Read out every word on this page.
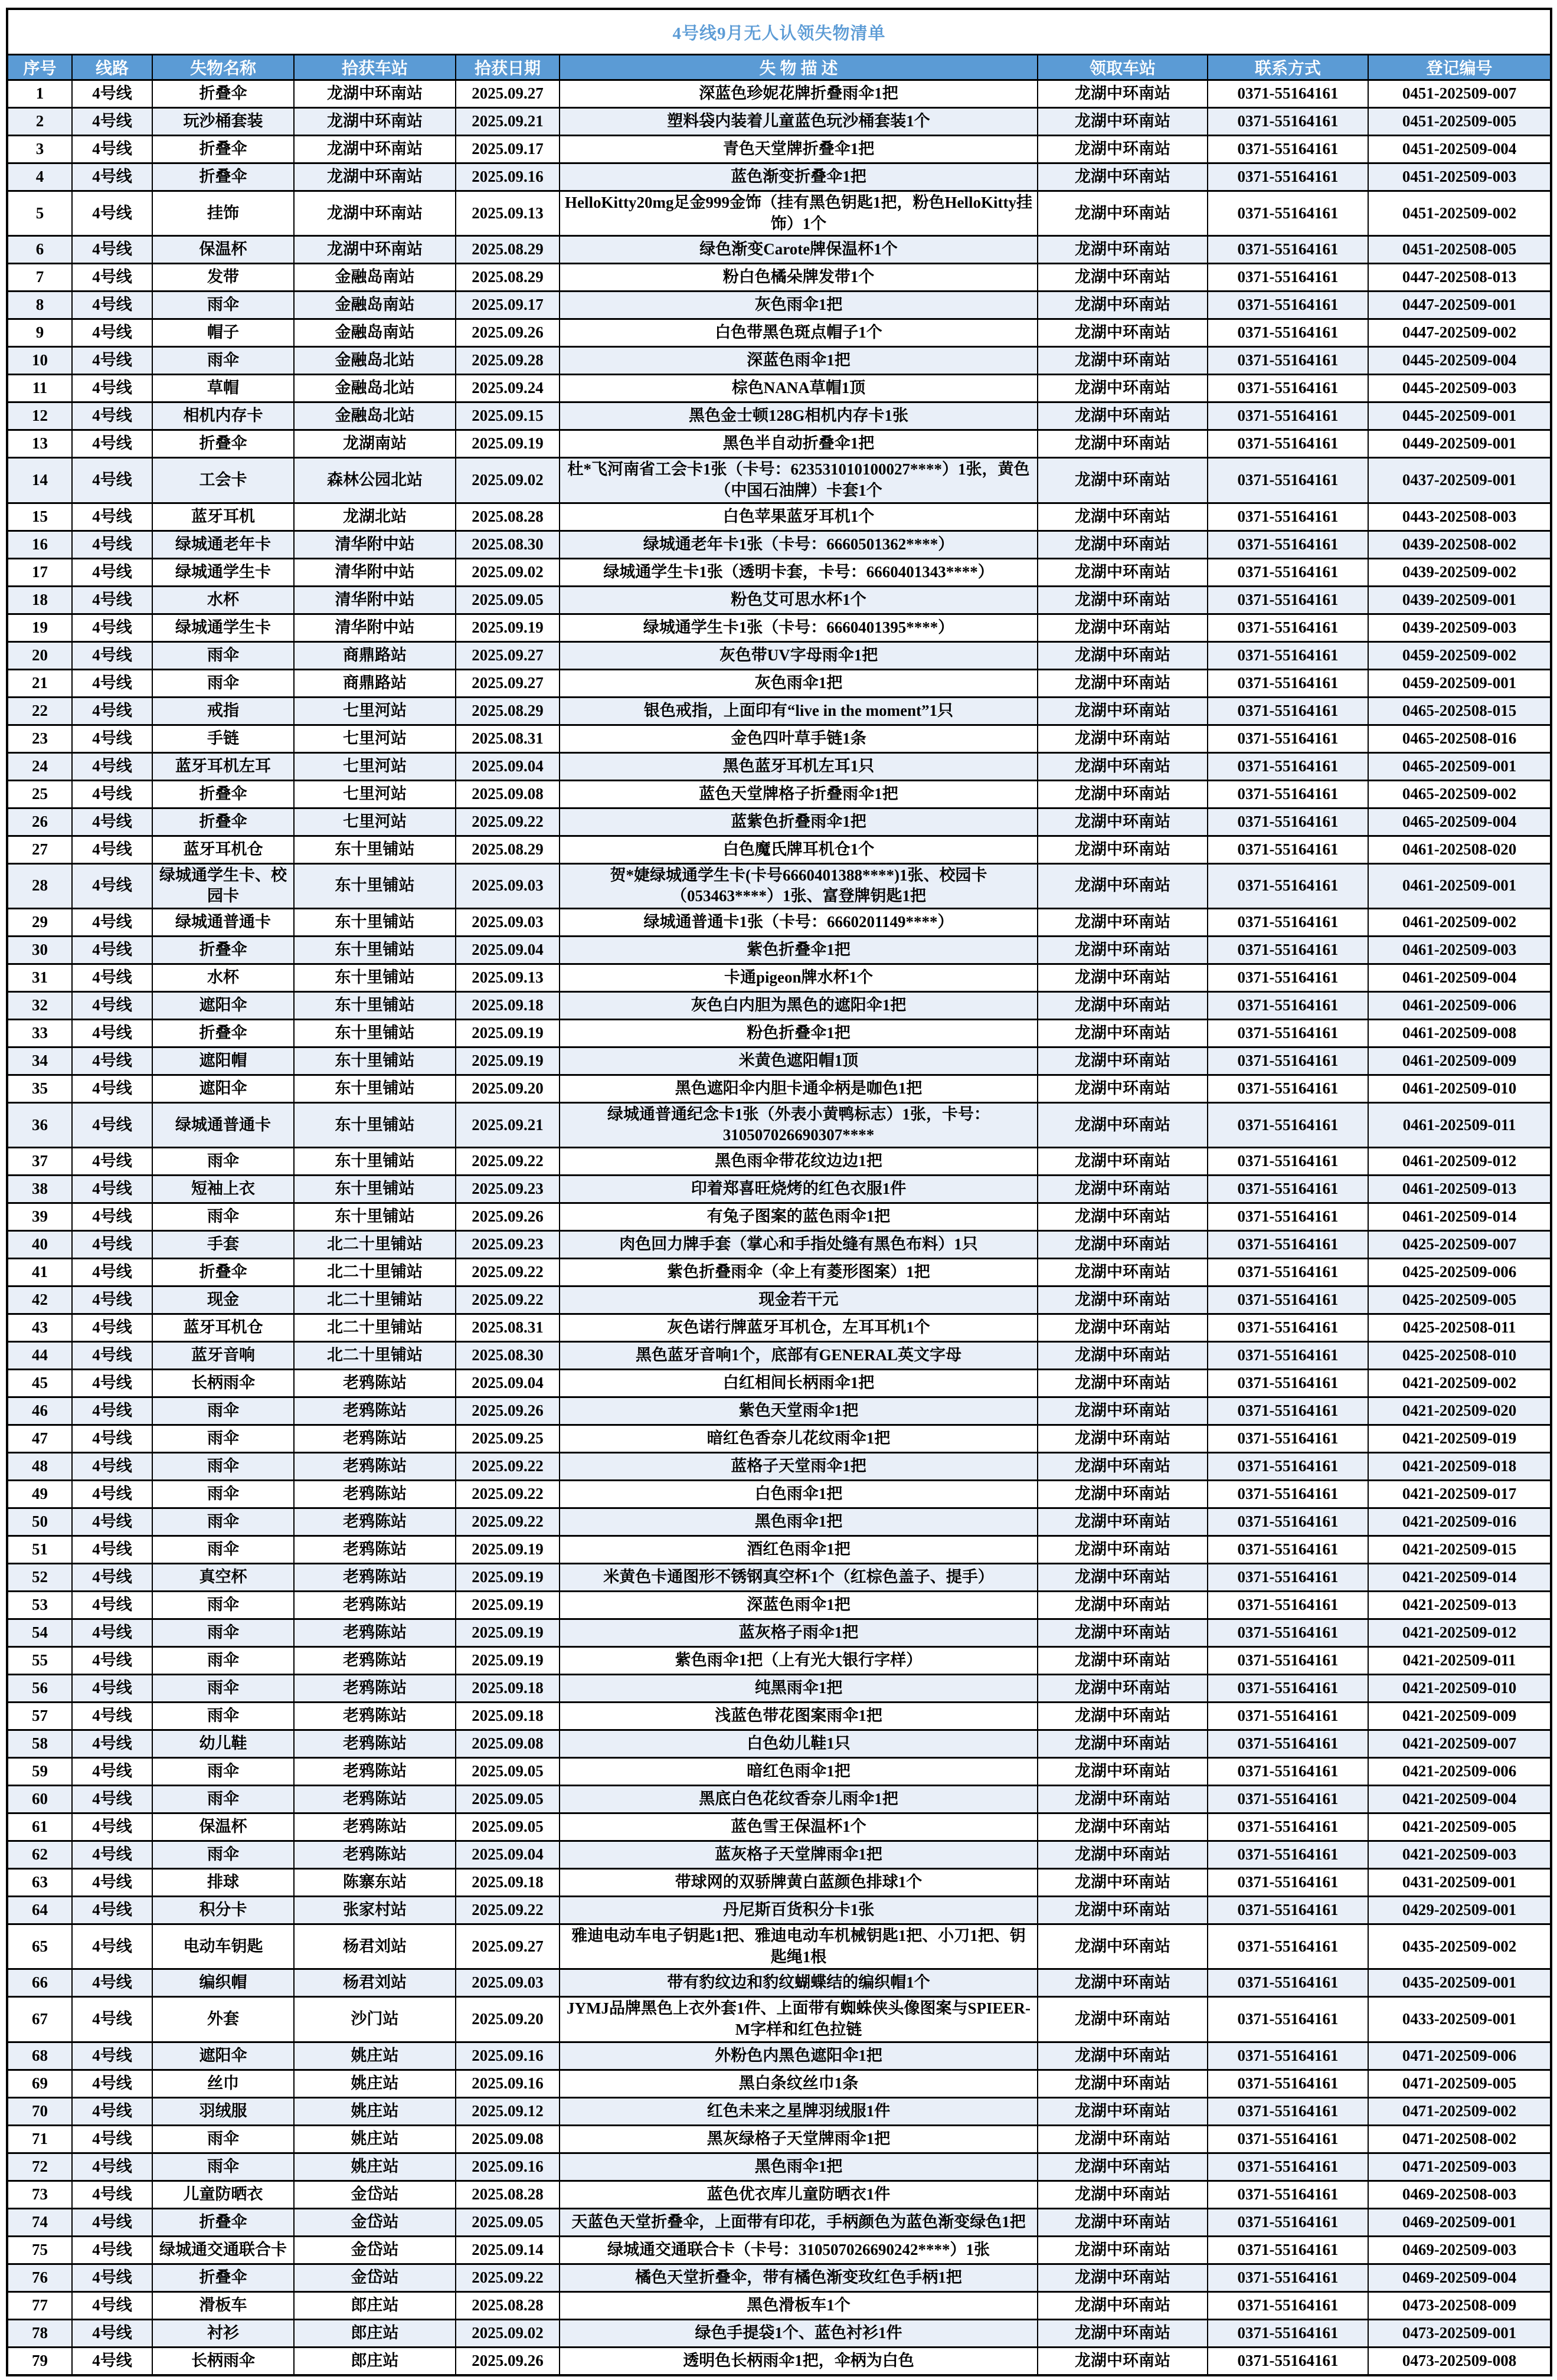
4号线9月无人认领失物清单								
序号	线路	失物名称	拾获车站	拾获日期	失 物 描 述	领取车站	联系方式	登记编号
1	4号线	折叠伞	龙湖中环南站	2025.09.27	深蓝色珍妮花牌折叠雨伞1把	龙湖中环南站	0371-55164161	0451-202509-007
2	4号线	玩沙桶套装	龙湖中环南站	2025.09.21	塑料袋内装着儿童蓝色玩沙桶套装1个	龙湖中环南站	0371-55164161	0451-202509-005
3	4号线	折叠伞	龙湖中环南站	2025.09.17	青色天堂牌折叠伞1把	龙湖中环南站	0371-55164161	0451-202509-004
4	4号线	折叠伞	龙湖中环南站	2025.09.16	蓝色渐变折叠伞1把	龙湖中环南站	0371-55164161	0451-202509-003
5	4号线	挂饰	龙湖中环南站	2025.09.13	HelloKitty20mg足金999金饰（挂有黑色钥匙1把，粉色HelloKitty挂饰）1个	龙湖中环南站	0371-55164161	0451-202509-002
6	4号线	保温杯	龙湖中环南站	2025.08.29	绿色渐变Carote牌保温杯1个	龙湖中环南站	0371-55164161	0451-202508-005
7	4号线	发带	金融岛南站	2025.08.29	粉白色橘朵牌发带1个	龙湖中环南站	0371-55164161	0447-202508-013
8	4号线	雨伞	金融岛南站	2025.09.17	灰色雨伞1把	龙湖中环南站	0371-55164161	0447-202509-001
9	4号线	帽子	金融岛南站	2025.09.26	白色带黑色斑点帽子1个	龙湖中环南站	0371-55164161	0447-202509-002
10	4号线	雨伞	金融岛北站	2025.09.28	深蓝色雨伞1把	龙湖中环南站	0371-55164161	0445-202509-004
11	4号线	草帽	金融岛北站	2025.09.24	棕色NANA草帽1顶	龙湖中环南站	0371-55164161	0445-202509-003
12	4号线	相机内存卡	金融岛北站	2025.09.15	黑色金士顿128G相机内存卡1张	龙湖中环南站	0371-55164161	0445-202509-001
13	4号线	折叠伞	龙湖南站	2025.09.19	黑色半自动折叠伞1把	龙湖中环南站	0371-55164161	0449-202509-001
14	4号线	工会卡	森林公园北站	2025.09.02	杜*飞河南省工会卡1张（卡号：623531010100027****）1张，黄色（中国石油牌）卡套1个	龙湖中环南站	0371-55164161	0437-202509-001
15	4号线	蓝牙耳机	龙湖北站	2025.08.28	白色苹果蓝牙耳机1个	龙湖中环南站	0371-55164161	0443-202508-003
16	4号线	绿城通老年卡	清华附中站	2025.08.30	绿城通老年卡1张（卡号：6660501362****）	龙湖中环南站	0371-55164161	0439-202508-002
17	4号线	绿城通学生卡	清华附中站	2025.09.02	绿城通学生卡1张（透明卡套，卡号：6660401343****）	龙湖中环南站	0371-55164161	0439-202509-002
18	4号线	水杯	清华附中站	2025.09.05	粉色艾可思水杯1个	龙湖中环南站	0371-55164161	0439-202509-001
19	4号线	绿城通学生卡	清华附中站	2025.09.19	绿城通学生卡1张（卡号：6660401395****）	龙湖中环南站	0371-55164161	0439-202509-003
20	4号线	雨伞	商鼎路站	2025.09.27	灰色带UV字母雨伞1把	龙湖中环南站	0371-55164161	0459-202509-002
21	4号线	雨伞	商鼎路站	2025.09.27	灰色雨伞1把	龙湖中环南站	0371-55164161	0459-202509-001
22	4号线	戒指	七里河站	2025.08.29	银色戒指，上面印有“live in the moment”1只	龙湖中环南站	0371-55164161	0465-202508-015
23	4号线	手链	七里河站	2025.08.31	金色四叶草手链1条	龙湖中环南站	0371-55164161	0465-202508-016
24	4号线	蓝牙耳机左耳	七里河站	2025.09.04	黑色蓝牙耳机左耳1只	龙湖中环南站	0371-55164161	0465-202509-001
25	4号线	折叠伞	七里河站	2025.09.08	蓝色天堂牌格子折叠雨伞1把	龙湖中环南站	0371-55164161	0465-202509-002
26	4号线	折叠伞	七里河站	2025.09.22	蓝紫色折叠雨伞1把	龙湖中环南站	0371-55164161	0465-202509-004
27	4号线	蓝牙耳机仓	东十里铺站	2025.08.29	白色魔氏牌耳机仓1个	龙湖中环南站	0371-55164161	0461-202508-020
28	4号线	绿城通学生卡、校园卡	东十里铺站	2025.09.03	贺*婕绿城通学生卡(卡号6660401388****)1张、校园卡（053463****）1张、富登牌钥匙1把	龙湖中环南站	0371-55164161	0461-202509-001
29	4号线	绿城通普通卡	东十里铺站	2025.09.03	绿城通普通卡1张（卡号：6660201149****）	龙湖中环南站	0371-55164161	0461-202509-002
30	4号线	折叠伞	东十里铺站	2025.09.04	紫色折叠伞1把	龙湖中环南站	0371-55164161	0461-202509-003
31	4号线	水杯	东十里铺站	2025.09.13	卡通pigeon牌水杯1个	龙湖中环南站	0371-55164161	0461-202509-004
32	4号线	遮阳伞	东十里铺站	2025.09.18	灰色白内胆为黑色的遮阳伞1把	龙湖中环南站	0371-55164161	0461-202509-006
33	4号线	折叠伞	东十里铺站	2025.09.19	粉色折叠伞1把	龙湖中环南站	0371-55164161	0461-202509-008
34	4号线	遮阳帽	东十里铺站	2025.09.19	米黄色遮阳帽1顶	龙湖中环南站	0371-55164161	0461-202509-009
35	4号线	遮阳伞	东十里铺站	2025.09.20	黑色遮阳伞内胆卡通伞柄是咖色1把	龙湖中环南站	0371-55164161	0461-202509-010
36	4号线	绿城通普通卡	东十里铺站	2025.09.21	绿城通普通纪念卡1张（外表小黄鸭标志）1张，卡号：310507026690307****	龙湖中环南站	0371-55164161	0461-202509-011
37	4号线	雨伞	东十里铺站	2025.09.22	黑色雨伞带花纹边边1把	龙湖中环南站	0371-55164161	0461-202509-012
38	4号线	短袖上衣	东十里铺站	2025.09.23	印着郑喜旺烧烤的红色衣服1件	龙湖中环南站	0371-55164161	0461-202509-013
39	4号线	雨伞	东十里铺站	2025.09.26	有兔子图案的蓝色雨伞1把	龙湖中环南站	0371-55164161	0461-202509-014
40	4号线	手套	北二十里铺站	2025.09.23	肉色回力牌手套（掌心和手指处缝有黑色布料）1只	龙湖中环南站	0371-55164161	0425-202509-007
41	4号线	折叠伞	北二十里铺站	2025.09.22	紫色折叠雨伞（伞上有菱形图案）1把	龙湖中环南站	0371-55164161	0425-202509-006
42	4号线	现金	北二十里铺站	2025.09.22	现金若干元	龙湖中环南站	0371-55164161	0425-202509-005
43	4号线	蓝牙耳机仓	北二十里铺站	2025.08.31	灰色诺行牌蓝牙耳机仓，左耳耳机1个	龙湖中环南站	0371-55164161	0425-202508-011
44	4号线	蓝牙音响	北二十里铺站	2025.08.30	黑色蓝牙音响1个，底部有GENERAL英文字母	龙湖中环南站	0371-55164161	0425-202508-010
45	4号线	长柄雨伞	老鸦陈站	2025.09.04	白红相间长柄雨伞1把	龙湖中环南站	0371-55164161	0421-202509-002
46	4号线	雨伞	老鸦陈站	2025.09.26	紫色天堂雨伞1把	龙湖中环南站	0371-55164161	0421-202509-020
47	4号线	雨伞	老鸦陈站	2025.09.25	暗红色香奈儿花纹雨伞1把	龙湖中环南站	0371-55164161	0421-202509-019
48	4号线	雨伞	老鸦陈站	2025.09.22	蓝格子天堂雨伞1把	龙湖中环南站	0371-55164161	0421-202509-018
49	4号线	雨伞	老鸦陈站	2025.09.22	白色雨伞1把	龙湖中环南站	0371-55164161	0421-202509-017
50	4号线	雨伞	老鸦陈站	2025.09.22	黑色雨伞1把	龙湖中环南站	0371-55164161	0421-202509-016
51	4号线	雨伞	老鸦陈站	2025.09.19	酒红色雨伞1把	龙湖中环南站	0371-55164161	0421-202509-015
52	4号线	真空杯	老鸦陈站	2025.09.19	米黄色卡通图形不锈钢真空杯1个（红棕色盖子、提手）	龙湖中环南站	0371-55164161	0421-202509-014
53	4号线	雨伞	老鸦陈站	2025.09.19	深蓝色雨伞1把	龙湖中环南站	0371-55164161	0421-202509-013
54	4号线	雨伞	老鸦陈站	2025.09.19	蓝灰格子雨伞1把	龙湖中环南站	0371-55164161	0421-202509-012
55	4号线	雨伞	老鸦陈站	2025.09.19	紫色雨伞1把（上有光大银行字样）	龙湖中环南站	0371-55164161	0421-202509-011
56	4号线	雨伞	老鸦陈站	2025.09.18	纯黑雨伞1把	龙湖中环南站	0371-55164161	0421-202509-010
57	4号线	雨伞	老鸦陈站	2025.09.18	浅蓝色带花图案雨伞1把	龙湖中环南站	0371-55164161	0421-202509-009
58	4号线	幼儿鞋	老鸦陈站	2025.09.08	白色幼儿鞋1只	龙湖中环南站	0371-55164161	0421-202509-007
59	4号线	雨伞	老鸦陈站	2025.09.05	暗红色雨伞1把	龙湖中环南站	0371-55164161	0421-202509-006
60	4号线	雨伞	老鸦陈站	2025.09.05	黑底白色花纹香奈儿雨伞1把	龙湖中环南站	0371-55164161	0421-202509-004
61	4号线	保温杯	老鸦陈站	2025.09.05	蓝色雪王保温杯1个	龙湖中环南站	0371-55164161	0421-202509-005
62	4号线	雨伞	老鸦陈站	2025.09.04	蓝灰格子天堂牌雨伞1把	龙湖中环南站	0371-55164161	0421-202509-003
63	4号线	排球	陈寨东站	2025.09.18	带球网的双骄牌黄白蓝颜色排球1个	龙湖中环南站	0371-55164161	0431-202509-001
64	4号线	积分卡	张家村站	2025.09.22	丹尼斯百货积分卡1张	龙湖中环南站	0371-55164161	0429-202509-001
65	4号线	电动车钥匙	杨君刘站	2025.09.27	雅迪电动车电子钥匙1把、雅迪电动车机械钥匙1把、小刀1把、钥匙绳1根	龙湖中环南站	0371-55164161	0435-202509-002
66	4号线	编织帽	杨君刘站	2025.09.03	带有豹纹边和豹纹蝴蝶结的编织帽1个	龙湖中环南站	0371-55164161	0435-202509-001
67	4号线	外套	沙门站	2025.09.20	JYMJ品牌黑色上衣外套1件、上面带有蜘蛛侠头像图案与SPIEER-M字样和红色拉链	龙湖中环南站	0371-55164161	0433-202509-001
68	4号线	遮阳伞	姚庄站	2025.09.16	外粉色内黑色遮阳伞1把	龙湖中环南站	0371-55164161	0471-202509-006
69	4号线	丝巾	姚庄站	2025.09.16	黑白条纹丝巾1条	龙湖中环南站	0371-55164161	0471-202509-005
70	4号线	羽绒服	姚庄站	2025.09.12	红色未来之星牌羽绒服1件	龙湖中环南站	0371-55164161	0471-202509-002
71	4号线	雨伞	姚庄站	2025.09.08	黑灰绿格子天堂牌雨伞1把	龙湖中环南站	0371-55164161	0471-202508-002
72	4号线	雨伞	姚庄站	2025.09.16	黑色雨伞1把	龙湖中环南站	0371-55164161	0471-202509-003
73	4号线	儿童防晒衣	金岱站	2025.08.28	蓝色优衣库儿童防晒衣1件	龙湖中环南站	0371-55164161	0469-202508-003
74	4号线	折叠伞	金岱站	2025.09.05	天蓝色天堂折叠伞，上面带有印花，手柄颜色为蓝色渐变绿色1把	龙湖中环南站	0371-55164161	0469-202509-001
75	4号线	绿城通交通联合卡	金岱站	2025.09.14	绿城通交通联合卡（卡号：310507026690242****）1张	龙湖中环南站	0371-55164161	0469-202509-003
76	4号线	折叠伞	金岱站	2025.09.22	橘色天堂折叠伞，带有橘色渐变玫红色手柄1把	龙湖中环南站	0371-55164161	0469-202509-004
77	4号线	滑板车	郎庄站	2025.08.28	黑色滑板车1个	龙湖中环南站	0371-55164161	0473-202508-009
78	4号线	衬衫	郎庄站	2025.09.02	绿色手提袋1个、蓝色衬衫1件	龙湖中环南站	0371-55164161	0473-202509-001
79	4号线	长柄雨伞	郎庄站	2025.09.26	透明色长柄雨伞1把，伞柄为白色	龙湖中环南站	0371-55164161	0473-202509-008
